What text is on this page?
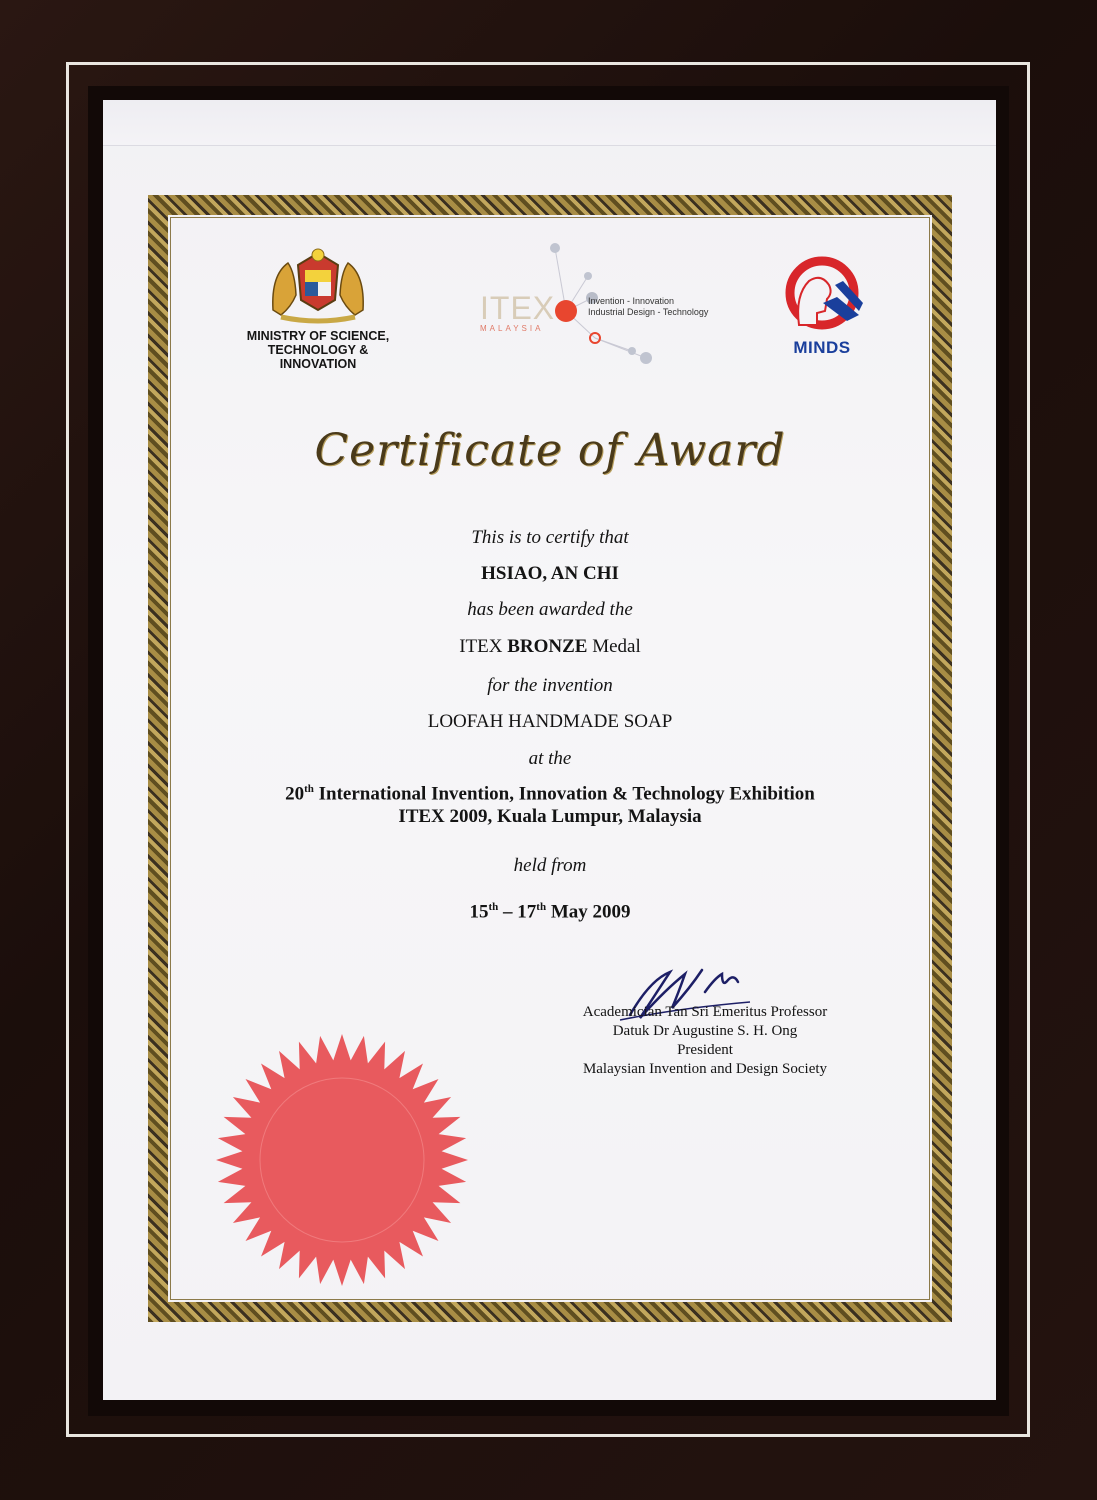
MINISTRY OF SCIENCE,
TECHNOLOGY & INNOVATION
ITEX
MALAYSIA
Invention - Innovation
Industrial Design - Technology
MINDS
Certificate of Award
This is to certify that
HSIAO, AN CHI
has been awarded the
ITEX BRONZE Medal
for the invention
LOOFAH HANDMADE SOAP
at the
20th International Invention, Innovation & Technology Exhibition
ITEX 2009, Kuala Lumpur, Malaysia
held from
15th – 17th May 2009
Academician Tan Sri Emeritus Professor
Datuk Dr Augustine S. H. Ong
President
Malaysian Invention and Design Society
